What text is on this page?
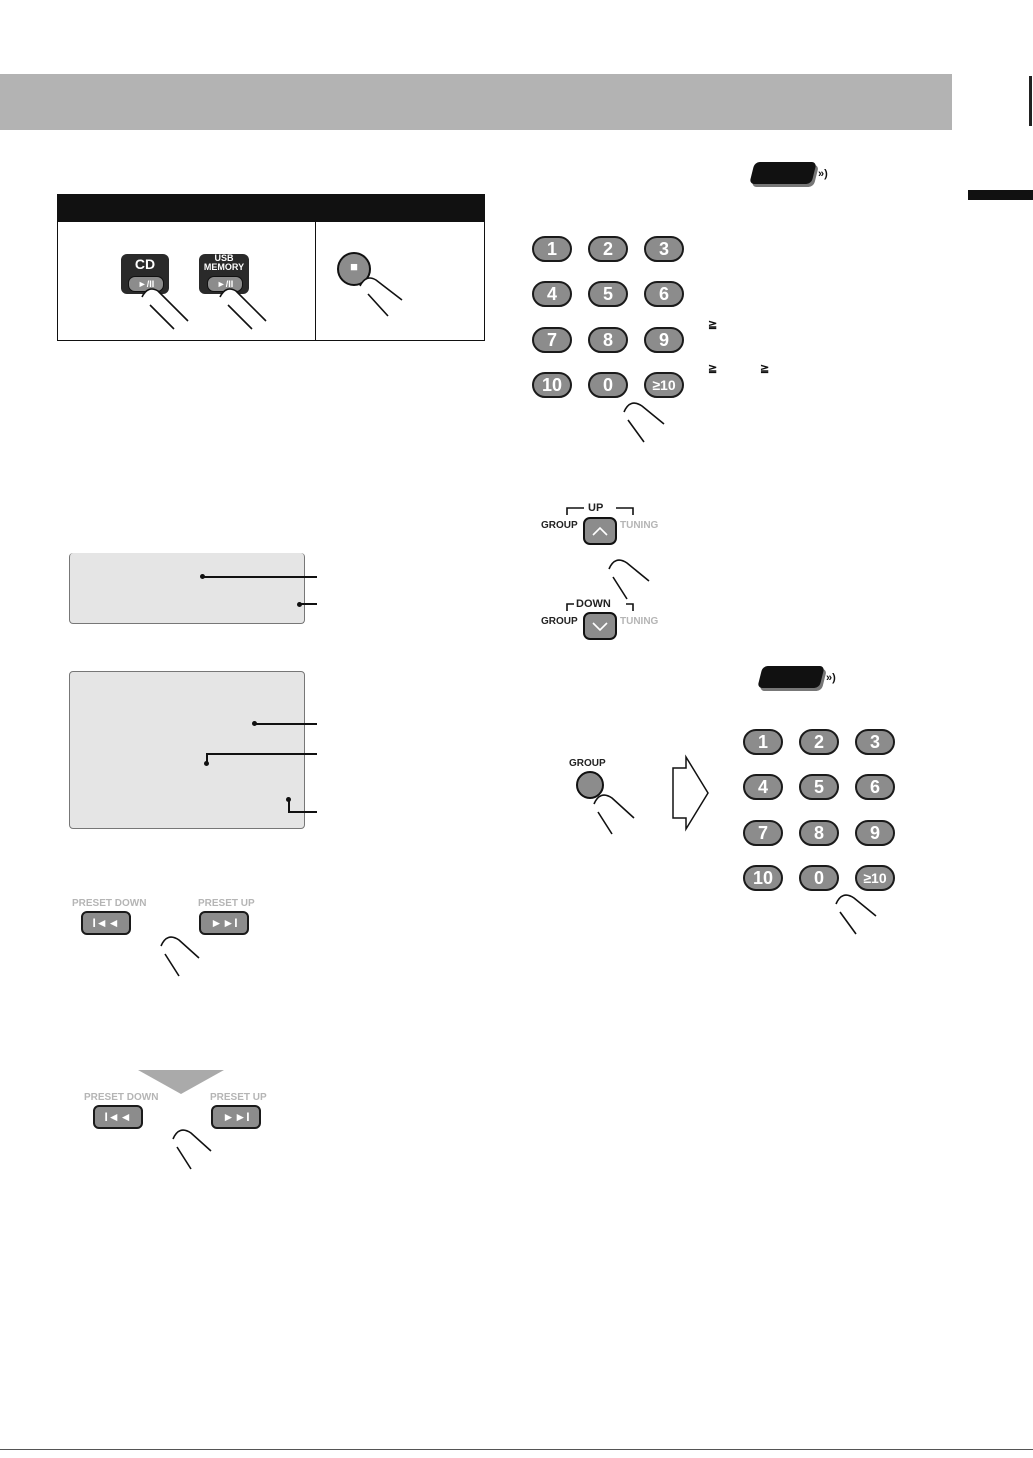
CD
►/II
USB
MEMORY
►/II
■
PRESET DOWN	PRESET UP
I◄◄	►►I
PRESET DOWN	PRESET UP
I◄◄	►►I
»)
1	2	3
4	5	6
7	8	9
10	0	≥10
≧
≧	≧
UP
GROUP	TUNING
DOWN
GROUP	TUNING
»)
GROUP
1	2	3
4	5	6
7	8	9
10	0	≥10
